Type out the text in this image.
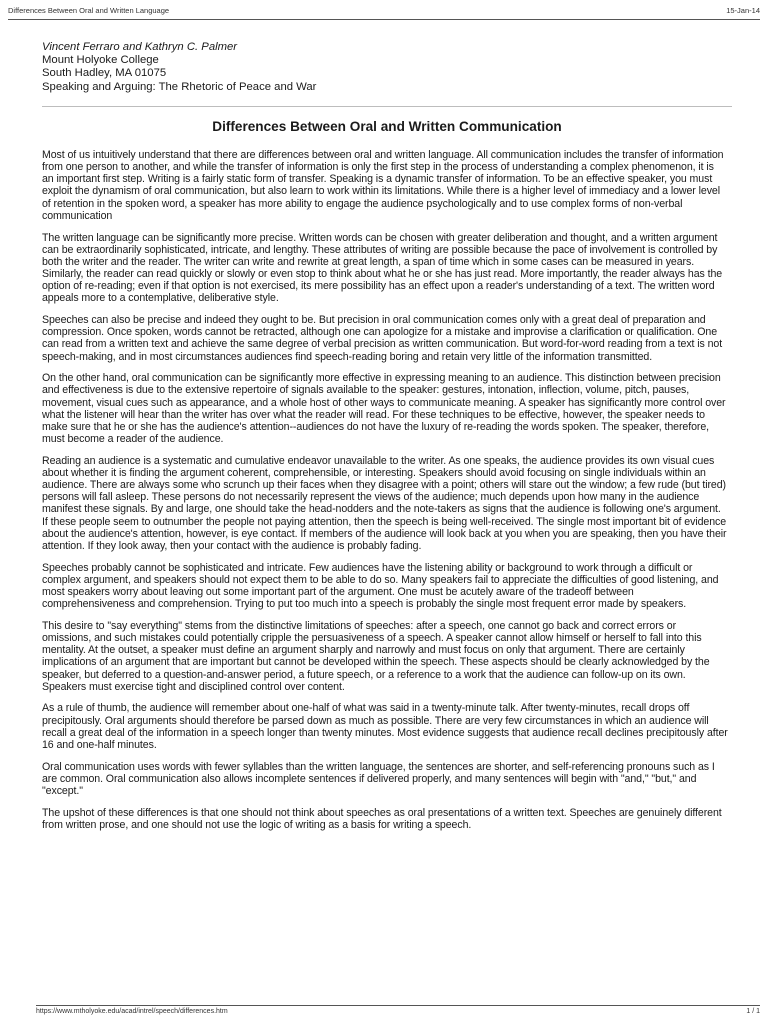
Differences Between Oral and Written Language	15-Jan-14
Vincent Ferraro and Kathryn C. Palmer
Mount Holyoke College
South Hadley, MA 01075
Speaking and Arguing: The Rhetoric of Peace and War
Differences Between Oral and Written Communication

Most of us intuitively understand that there are differences between oral and written language. All communication includes the transfer of information from one person to another, and while the transfer of information is only the first step in the process of understanding a complex phenomenon, it is an important first step. Writing is a fairly static form of transfer. Speaking is a dynamic transfer of information. To be an effective speaker, you must exploit the dynamism of oral communication, but also learn to work within its limitations. While there is a higher level of immediacy and a lower level of retention in the spoken word, a speaker has more ability to engage the audience psychologically and to use complex forms of non-verbal communication

The written language can be significantly more precise. Written words can be chosen with greater deliberation and thought, and a written argument can be extraordinarily sophisticated, intricate, and lengthy. These attributes of writing are possible because the pace of involvement is controlled by both the writer and the reader. The writer can write and rewrite at great length, a span of time which in some cases can be measured in years. Similarly, the reader can read quickly or slowly or even stop to think about what he or she has just read. More importantly, the reader always has the option of re-reading; even if that option is not exercised, its mere possibility has an effect upon a reader's understanding of a text. The written word appeals more to a contemplative, deliberative style.

Speeches can also be precise and indeed they ought to be. But precision in oral communication comes only with a great deal of preparation and compression. Once spoken, words cannot be retracted, although one can apologize for a mistake and improvise a clarification or qualification. One can read from a written text and achieve the same degree of verbal precision as written communication. But word-for-word reading from a text is not speech-making, and in most circumstances audiences find speech-reading boring and retain very little of the information transmitted.

On the other hand, oral communication can be significantly more effective in expressing meaning to an audience. This distinction between precision and effectiveness is due to the extensive repertoire of signals available to the speaker: gestures, intonation, inflection, volume, pitch, pauses, movement, visual cues such as appearance, and a whole host of other ways to communicate meaning. A speaker has significantly more control over what the listener will hear than the writer has over what the reader will read. For these techniques to be effective, however, the speaker needs to make sure that he or she has the audience's attention--audiences do not have the luxury of re-reading the words spoken. The speaker, therefore, must become a reader of the audience.

Reading an audience is a systematic and cumulative endeavor unavailable to the writer. As one speaks, the audience provides its own visual cues about whether it is finding the argument coherent, comprehensible, or interesting. Speakers should avoid focusing on single individuals within an audience. There are always some who scrunch up their faces when they disagree with a point; others will stare out the window; a few rude (but tired) persons will fall asleep. These persons do not necessarily represent the views of the audience; much depends upon how many in the audience manifest these signals. By and large, one should take the head-nodders and the note-takers as signs that the audience is following one's argument. If these people seem to outnumber the people not paying attention, then the speech is being well-received. The single most important bit of evidence about the audience's attention, however, is eye contact. If members of the audience will look back at you when you are speaking, then you have their attention. If they look away, then your contact with the audience is probably fading.

Speeches probably cannot be sophisticated and intricate. Few audiences have the listening ability or background to work through a difficult or complex argument, and speakers should not expect them to be able to do so. Many speakers fail to appreciate the difficulties of good listening, and most speakers worry about leaving out some important part of the argument. One must be acutely aware of the tradeoff between comprehensiveness and comprehension. Trying to put too much into a speech is probably the single most frequent error made by speakers.

This desire to "say everything" stems from the distinctive limitations of speeches: after a speech, one cannot go back and correct errors or omissions, and such mistakes could potentially cripple the persuasiveness of a speech. A speaker cannot allow himself or herself to fall into this mentality. At the outset, a speaker must define an argument sharply and narrowly and must focus on only that argument. There are certainly implications of an argument that are important but cannot be developed within the speech. These aspects should be clearly acknowledged by the speaker, but deferred to a question-and-answer period, a future speech, or a reference to a work that the audience can follow-up on its own. Speakers must exercise tight and disciplined control over content.

As a rule of thumb, the audience will remember about one-half of what was said in a twenty-minute talk. After twenty-minutes, recall drops off precipitously. Oral arguments should therefore be parsed down as much as possible. There are very few circumstances in which an audience will recall a great deal of the information in a speech longer than twenty minutes. Most evidence suggests that audience recall declines precipitously after 16 and one-half minutes.

Oral communication uses words with fewer syllables than the written language, the sentences are shorter, and self-referencing pronouns such as I are common. Oral communication also allows incomplete sentences if delivered properly, and many sentences will begin with "and," "but," and "except."

The upshot of these differences is that one should not think about speeches as oral presentations of a written text. Speeches are genuinely different from written prose, and one should not use the logic of writing as a basis for writing a speech.

https://www.mtholyoke.edu/acad/intrel/speech/differences.htm	1 / 1
